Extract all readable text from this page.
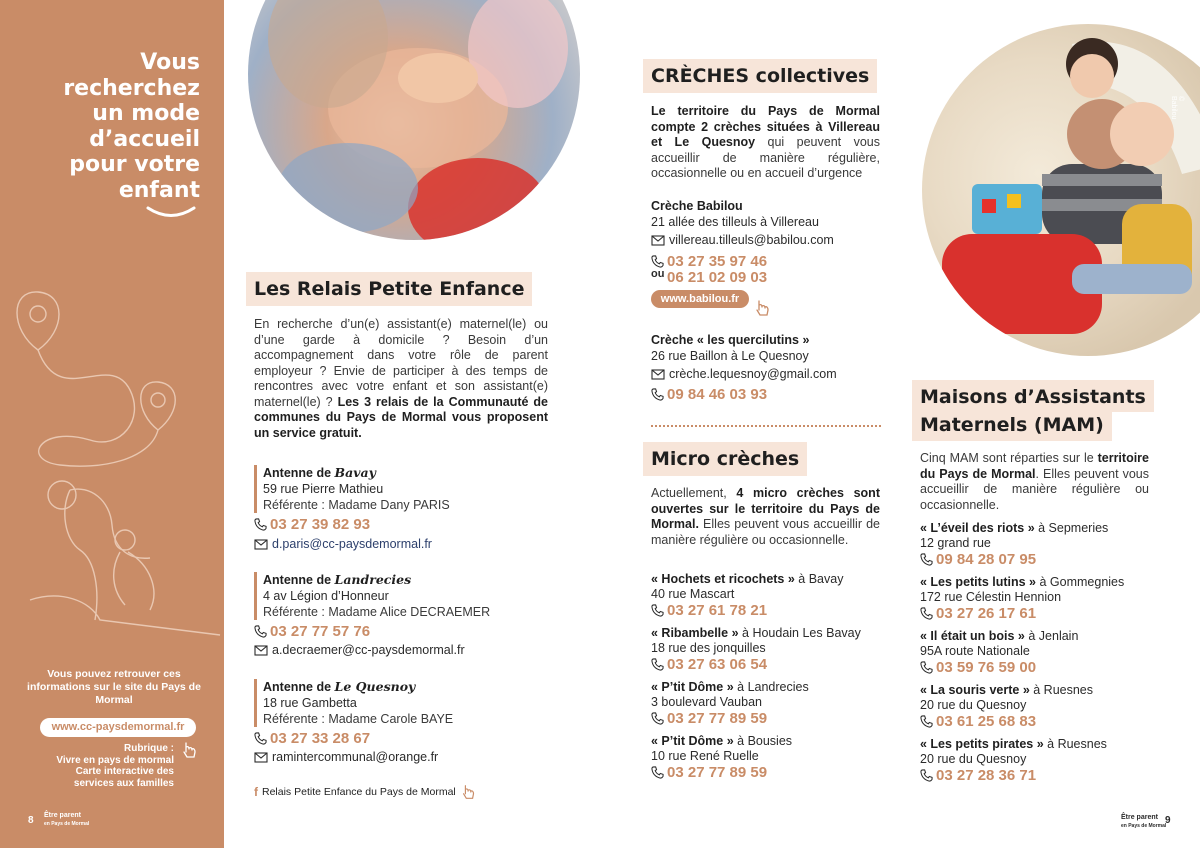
Vous
recherchez
un mode
d’accueil
pour votre
enfant
Vous pouvez retrouver ces informations sur le site du Pays de Mormal
www.cc-paysdemormal.fr
Rubrique :
Vivre en pays de mormal
Carte interactive des
services aux familles
8 Être parent
en Pays de Mormal
© Babilou
Les Relais Petite Enfance
En recherche d’un(e) assistant(e) maternel(le) ou d’une garde à domicile ? Besoin d’un accompagnement dans votre rôle de parent employeur ? Envie de participer à des temps de rencontres avec votre enfant et son assistant(e) maternel(le) ? Les 3 relais de la Communauté de communes du Pays de Mormal vous proposent un service gratuit.
Antenne de Bavay
59 rue Pierre Mathieu
Référente : Madame Dany PARIS
03 27 39 82 93
d.paris@cc-paysdemormal.fr
Antenne de Landrecies
4 av Légion d’Honneur
Référente : Madame Alice DECRAEMER
03 27 77 57 76
a.decraemer@cc-paysdemormal.fr
Antenne de Le Quesnoy
18 rue Gambetta
Référente : Madame Carole BAYE
03 27 33 28 67
ramintercommunal@orange.fr
f Relais Petite Enfance du Pays de Mormal
CRÈCHES collectives
Le territoire du Pays de Mormal compte 2 crèches situées à Villereau et Le Quesnoy qui peuvent vous accueillir de manière régulière, occasionnelle ou en accueil d’urgence
Crèche Babilou
21 allée des tilleuls à Villereau
villereau.tilleuls@babilou.com
03 27 35 97 46
ou 06 21 02 09 03
www.babilou.fr
Crèche « les quercilutins »
26 rue Baillon à Le Quesnoy
crèche.lequesnoy@gmail.com
09 84 46 03 93
Micro crèches
Actuellement, 4 micro crèches sont ouvertes sur le territoire du Pays de Mormal. Elles peuvent vous accueillir de manière régulière ou occasionnelle.
« Hochets et ricochets » à Bavay
40 rue Mascart
03 27 61 78 21
« Ribambelle » à Houdain Les Bavay
18 rue des jonquilles
03 27 63 06 54
« P’tit Dôme » à Landrecies
3 boulevard Vauban
03 27 77 89 59
« P’tit Dôme » à Bousies
10 rue René Ruelle
03 27 77 89 59
Maisons d’Assistants
Maternels (MAM)
Cinq MAM sont réparties sur le territoire du Pays de Mormal. Elles peuvent vous accueillir de manière régulière ou occasionnelle.
« L’éveil des riots » à Sepmeries
12 grand rue
09 84 28 07 95
« Les petits lutins » à Gommegnies
172 rue Célestin Hennion
03 27 26 17 61
« Il était un bois » à Jenlain
95A route Nationale
03 59 76 59 00
« La souris verte » à Ruesnes
20 rue du Quesnoy
03 61 25 68 83
« Les petits pirates » à Ruesnes
20 rue du Quesnoy
03 27 28 36 71
Être parent
en Pays de Mormal
9
